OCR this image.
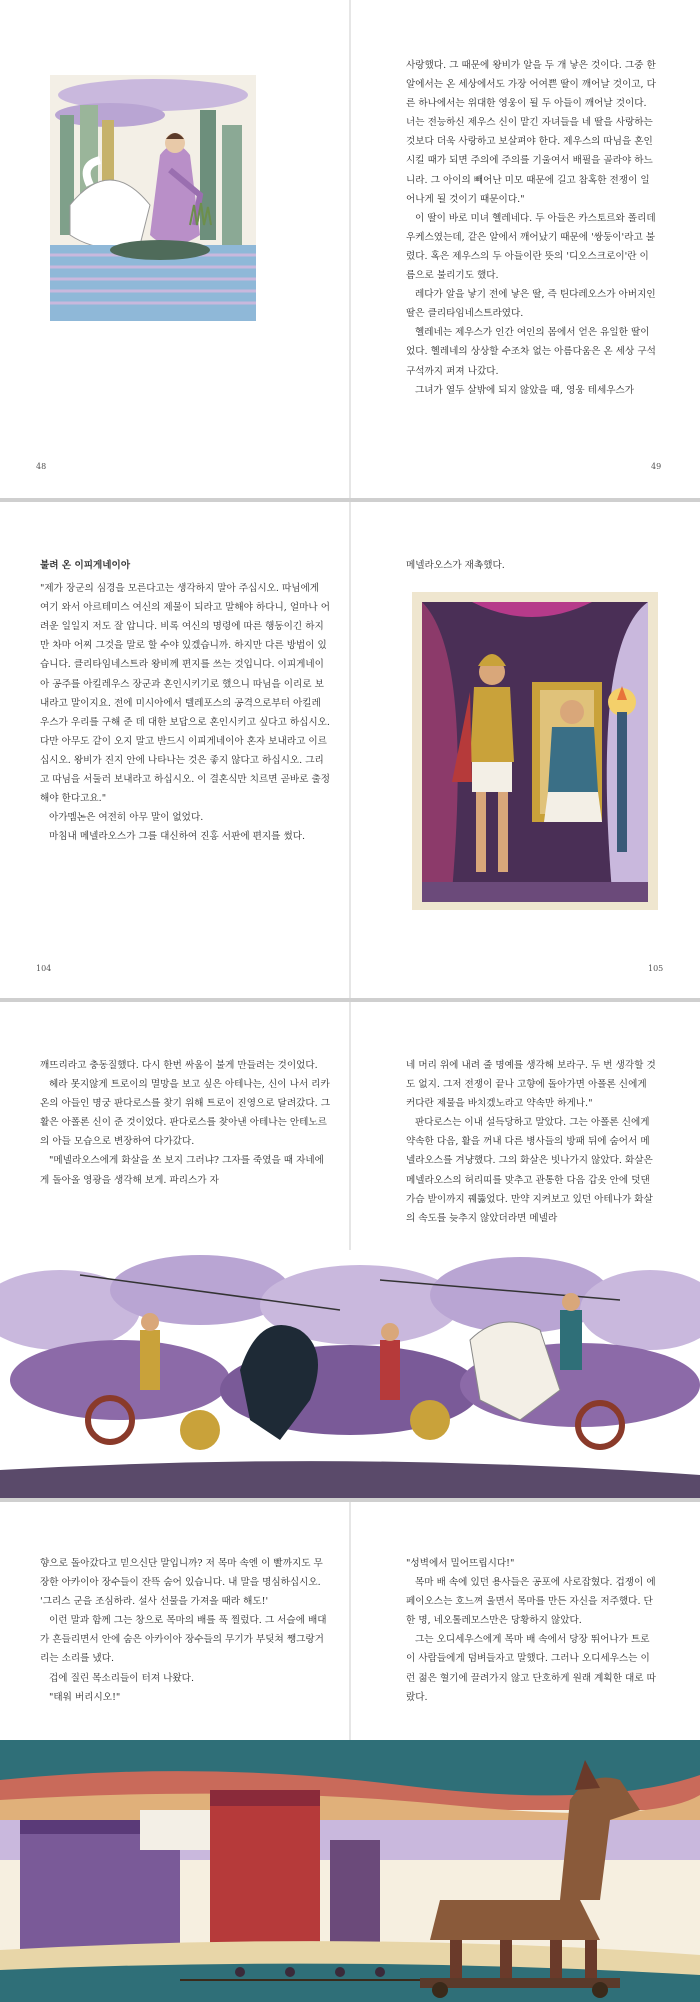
48

사랑했다. 그 때문에 왕비가 알을 두 개 낳은 것이다. 그중 한 알에서는 온 세상에서도 가장 어여쁜 딸이 깨어날 것이고, 다른 하나에서는 위대한 영웅이 될 두 아들이 깨어날 것이다. 너는 전능하신 제우스 신이 맡긴 자녀들을 네 딸을 사랑하는 것보다 더욱 사랑하고 보살펴야 한다. 제우스의 따님을 혼인시킬 때가 되면 주의에 주의를 기울여서 배필을 골라야 하느니라. 그 아이의 빼어난 미모 때문에 길고 참혹한 전쟁이 일어나게 될 것이기 때문이다."

이 딸이 바로 미녀 헬레네다. 두 아들은 카스토르와 폴리데우케스였는데, 같은 알에서 깨어났기 때문에 '쌍둥이'라고 불렸다. 혹은 제우스의 두 아들이란 뜻의 '디오스크로이'란 이름으로 불리기도 했다.

레다가 알을 낳기 전에 낳은 딸, 즉 틴다레오스가 아버지인 딸은 클리타임네스트라였다.

헬레네는 제우스가 인간 여인의 몸에서 얻은 유일한 딸이었다. 헬레네의 상상할 수조차 없는 아름다움은 온 세상 구석구석까지 퍼져 나갔다.

그녀가 열두 살밖에 되지 않았을 때, 영웅 테세우스가

49
불려 온 이피게네이아

"제가 장군의 심경을 모른다고는 생각하지 말아 주십시오. 따님에게 여기 와서 아르테미스 여신의 제물이 되라고 말해야 하다니, 얼마나 어려운 일일지 저도 잘 압니다. 비록 여신의 명령에 따른 행동이긴 하지만 차마 어찌 그것을 말로 할 수야 있겠습니까. 하지만 다른 방법이 있습니다. 클리타임네스트라 왕비께 편지를 쓰는 것입니다. 이피게네이아 공주를 아킬레우스 장군과 혼인시키기로 했으니 따님을 이리로 보내라고 말이지요. 전에 미시아에서 텔레포스의 공격으로부터 아킬레우스가 우리를 구해 준 데 대한 보답으로 혼인시키고 싶다고 하십시오. 다만 아무도 같이 오지 말고 반드시 이피게네이아 혼자 보내라고 이르십시오. 왕비가 진지 안에 나타나는 것은 좋지 않다고 하십시오. 그리고 따님을 서둘러 보내라고 하십시오. 이 결혼식만 치르면 곧바로 출정해야 한다고요."

아가멤논은 여전히 아무 말이 없었다.

마침내 메넬라오스가 그를 대신하여 진홍 서판에 편지를 썼다.

104

메넬라오스가 재촉했다.

105

깨뜨리라고 충동질했다. 다시 한번 싸움이 불게 만들려는 것이었다.

헤라 못지않게 트로이의 멸망을 보고 싶은 아테나는, 신이 나서 리카온의 아들인 명궁 판다로스를 찾기 위해 트로이 진영으로 달려갔다. 그 활은 아폴론 신이 준 것이었다. 판다로스를 찾아낸 아테나는 안테노르의 아들 모습으로 변장하여 다가갔다.

"메넬라오스에게 화살을 쏘 보지 그러냐? 그자를 죽였을 때 자네에게 돌아올 영광을 생각해 보게. 파리스가 자

네 머리 위에 내려 줄 명예를 생각해 보라구. 두 번 생각할 것도 없지. 그저 전쟁이 끝나 고향에 돌아가면 아폴론 신에게 커다란 제물을 바치겠노라고 약속만 하게나."

판다로스는 이내 설득당하고 말았다. 그는 아폴론 신에게 약속한 다음, 활을 꺼내 다른 병사들의 방패 뒤에 숨어서 메넬라오스를 겨냥했다. 그의 화살은 빗나가지 않았다. 화살은 메넬라오스의 허리띠를 맞추고 관통한 다음 갑옷 안에 덧댄 가슴 받이까지 꿰뚫었다. 만약 지켜보고 있던 아테나가 화살의 속도를 늦추지 않았더라면 메넬라

향으로 돌아갔다고 믿으신단 말입니까? 저 목마 속엔 이 빨까지도 무장한 아카이아 장수들이 잔뜩 숨어 있습니다. 내 말을 명심하십시오. '그리스 군을 조심하라. 설사 선물을 가져올 때라 해도!'

이런 말과 함께 그는 창으로 목마의 배를 푹 찔렀다. 그 서슬에 배대가 흔들리면서 안에 숨은 아카이아 장수들의 무기가 부딪쳐 쨍그랑거리는 소리를 냈다.

겁에 질린 목소리들이 터져 나왔다.

"태워 버리시오!"

"성벽에서 밀어뜨립시다!"

목마 배 속에 있던 용사들은 공포에 사로잡혔다. 겁쟁이 에페이오스는 호느껴 울면서 목마를 만든 자신을 저주했다. 단 한 명, 네오톨레모스만은 당황하지 않았다.

그는 오디세우스에게 목마 배 속에서 당장 뛰어나가 트로이 사람들에게 덤벼들자고 말했다. 그러나 오디세우스는 이런 젊은 혈기에 끌려가지 않고 단호하게 원래 계획한 대로 따랐다.
